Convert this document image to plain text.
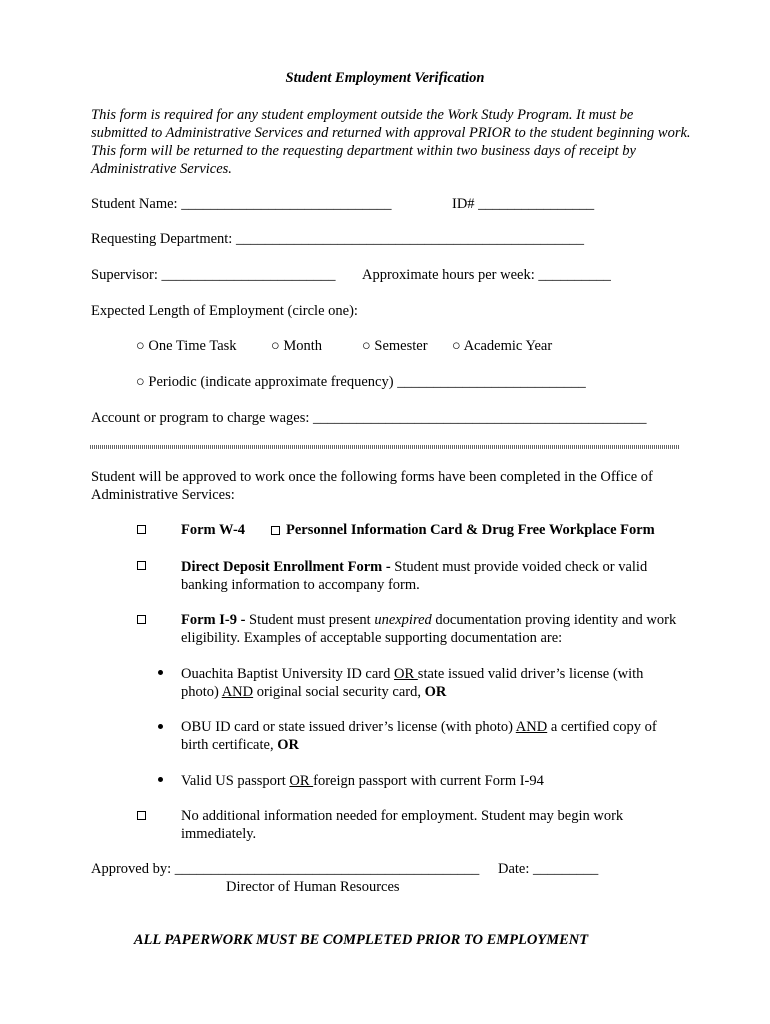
Student Employment Verification
This form is required for any student employment outside the Work Study Program. It must be submitted to Administrative Services and returned with approval PRIOR to the student beginning work. This form will be returned to the requesting department within two business days of receipt by Administrative Services.
Student Name: _____________________________	ID# ________________
Requesting Department: ________________________________________________
Supervisor: ________________________ Approximate hours per week: __________
Expected Length of Employment (circle one):
○ One Time Task ○ Month	○ Semester ○ Academic Year
○ Periodic (indicate approximate frequency) __________________________
Account or program to charge wages: ______________________________________________
Student will be approved to work once the following forms have been completed in the Office of Administrative Services:
Form W-4	Personnel Information Card & Drug Free Workplace Form
Direct Deposit Enrollment Form - Student must provide voided check or valid banking information to accompany form.
Form I-9 - Student must present unexpired documentation proving identity and work eligibility. Examples of acceptable supporting documentation are:
Ouachita Baptist University ID card OR state issued valid driver’s license (with photo) AND original social security card, OR
OBU ID card or state issued driver’s license (with photo) AND a certified copy of birth certificate, OR
Valid US passport OR foreign passport with current Form I-94
No additional information needed for employment. Student may begin work immediately.
Approved by: __________________________________________ Date: _________
Director of Human Resources
ALL PAPERWORK MUST BE COMPLETED PRIOR TO EMPLOYMENT
